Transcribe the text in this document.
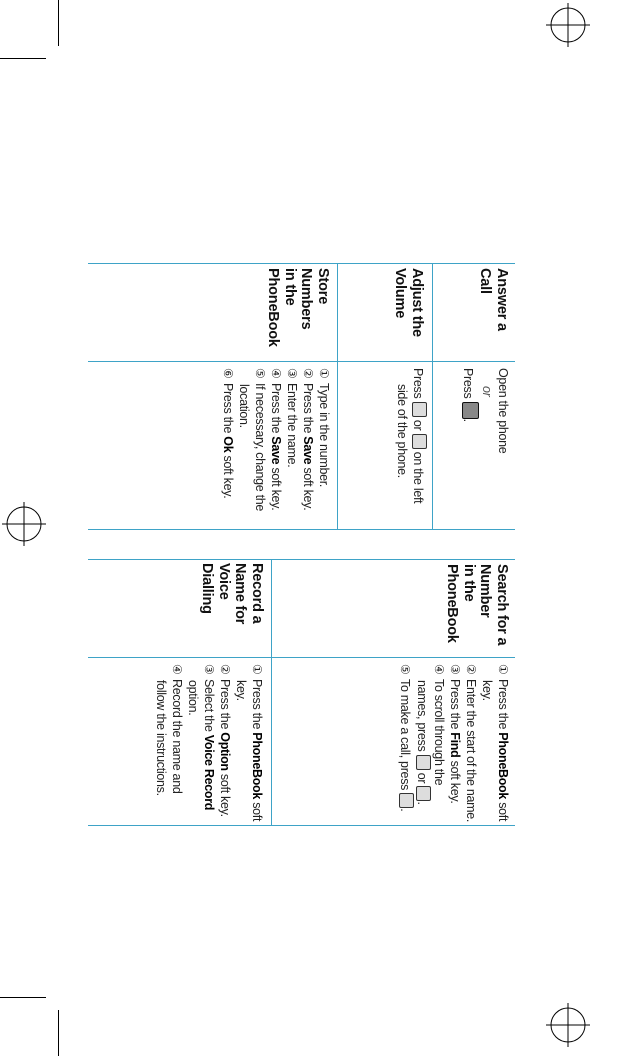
Answer a
Call
Open the phone
or
Press .
Adjust the
Volume
Press  or  on the left side of the phone.
Store
Numbers
in the
PhoneBook
①Type in the number.
②Press the Save soft key.
③Enter the name.
④Press the Save soft key.
⑤If necessary, change the location.
⑥Press the Ok soft key.
Search for a
Number
in the
PhoneBook
①Press the PhoneBook soft key.
②Enter the start of the name.
③Press the Find soft key.
④To scroll through the names, press  or .
⑤To make a call, press .
①Press the PhoneBook soft key.
②Press the Option soft key.
③Select the Voice Record option.
④Record the name and follow the instructions.
Record a
Name for
Voice
Dialling
